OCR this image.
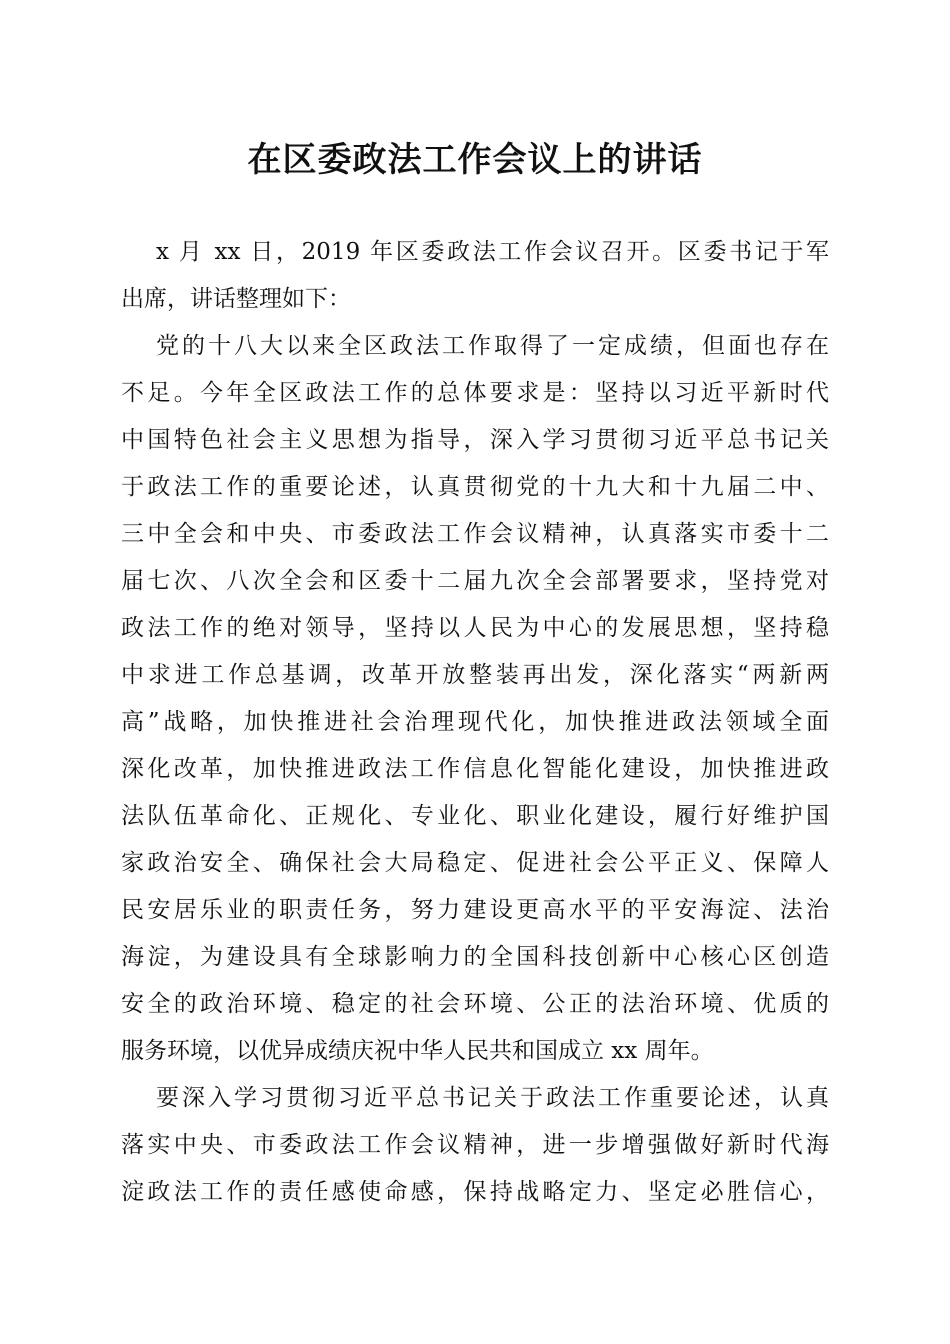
在区委政法工作会议上的讲话

x 月 xx 日，2019 年区委政法工作会议召开。区委书记于军
出席，讲话整理如下：

党的十八大以来全区政法工作取得了一定成绩，但面也存在
不足。今年全区政法工作的总体要求是：坚持以习近平新时代
中国特色社会主义思想为指导，深入学习贯彻习近平总书记关
于政法工作的重要论述，认真贯彻党的十九大和十九届二中、
三中全会和中央、市委政法工作会议精神，认真落实市委十二
届七次、八次全会和区委十二届九次全会部署要求，坚持党对
政法工作的绝对领导，坚持以人民为中心的发展思想，坚持稳
中求进工作总基调，改革开放整装再出发，深化落实“两新两
高”战略，加快推进社会治理现代化，加快推进政法领域全面
深化改革，加快推进政法工作信息化智能化建设，加快推进政
法队伍革命化、正规化、专业化、职业化建设，履行好维护国
家政治安全、确保社会大局稳定、促进社会公平正义、保障人
民安居乐业的职责任务，努力建设更高水平的平安海淀、法治
海淀，为建设具有全球影响力的全国科技创新中心核心区创造
安全的政治环境、稳定的社会环境、公正的法治环境、优质的
服务环境，以优异成绩庆祝中华人民共和国成立 xx 周年。

要深入学习贯彻习近平总书记关于政法工作重要论述，认真
落实中央、市委政法工作会议精神，进一步增强做好新时代海
淀政法工作的责任感使命感，保持战略定力、坚定必胜信心，
